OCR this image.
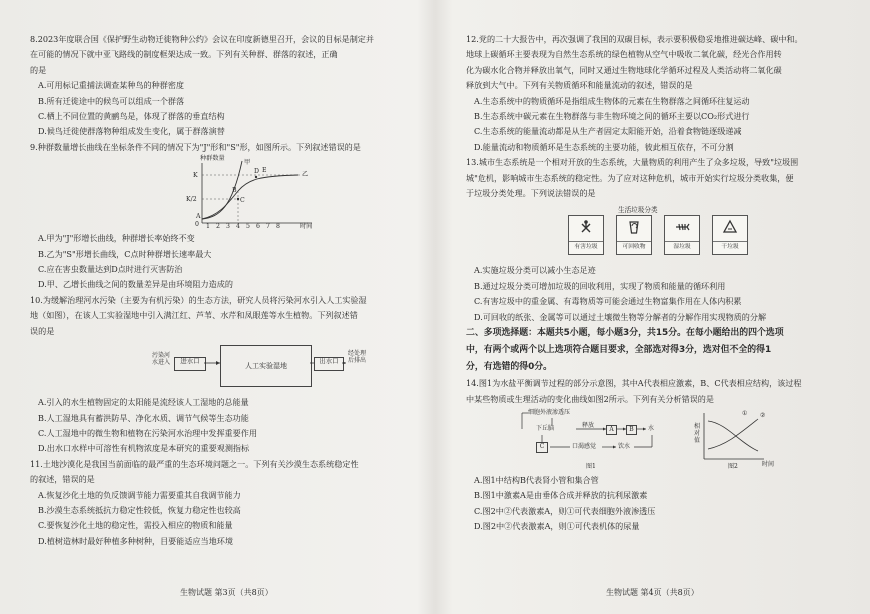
8.2023年度联合国《保护野生动物迁徙物种公约》会议在印度新德里召开，会议的目标是制定并

在可能的情况下就中亚飞路线的制度框架达成一致。下列有关种群、群落的叙述，正确

的是

A.可用标记重捕法调查某种鸟的种群密度

B.所有迁徙途中的候鸟可以组成一个群落

C.栖上不同位置的黄鹂鸟是，体现了群落的垂直结构

D.候鸟迁徙使群落物种组成发生变化，属于群落演替

9.种群数量增长曲线在坐标条件不同的情况下为"J"形和"S"形，如图所示。下列叙述错误的是

种群数量
时间
K
K/2
0
甲
乙
A
B
C
D E
1 2 3 4 5 6 7 8

A.甲为"J"形增长曲线，种群增长率始终不变

B.乙为"S"形增长曲线，C点时种群增长速率最大

C.应在害虫数量达到D点时进行灭害防治

D.甲、乙增长曲线之间的数量差异是由环境阻力造成的

10.为缓解治理河水污染（主要为有机污染）的生态方法，研究人员将污染河水引入人工实验湿

地（如图），在该人工实验湿地中引入满江红、芦苇、水芹和凤眼莲等水生植物。下列叙述错

误的是

污染河水进入	进水口
人工实验湿地
出水口
经处理后排出

A.引入的水生植物固定的太阳能是流经该人工湿地的总能量

B.人工湿地具有蓄洪防旱、净化水质、调节气候等生态功能

C.人工湿地中的微生物和植物在污染河水治理中发挥重要作用

D.出水口水样中可溶性有机物浓度是本研究的重要观测指标

11.土地沙漠化是我国当前面临的最严重的生态环境问题之一。下列有关沙漠生态系统稳定性

的叙述，错误的是

A.恢复沙化土地的负反馈调节能力需要重其自我调节能力

B.沙漠生态系统抵抗力稳定性较低，恢复力稳定性也较高

C.要恢复沙化土地的稳定性，需投入相应的物质和能量

D.植树造林时最好种植多种树种，目要能适应当地环境

生物试题 第3页（共8页）

12.党的二十大报告中，再次强调了我国的双碳目标，表示要积极稳妥地推进碳达峰、碳中和。

地球上碳循环主要表现为自然生态系统的绿色植物从空气中吸收二氧化碳，经光合作用转

化为碳水化合物并释放出氧气，同时又通过生物地球化学循环过程及人类活动将二氧化碳

释放到大气中。下列有关物质循环和能量流动的叙述，错误的是

A.生态系统中的物质循环是指组成生物体的元素在生物群落之间循环往复运动

B.生态系统中碳元素在生物群落与非生物环境之间的循环主要以CO₂形式进行

C.生态系统的能量流动都是从生产者固定太阳能开始，沿着食物链逐级递减

D.能量流动和物质循环是生态系统的主要功能，彼此相互依存，不可分割

13.城市生态系统是一个相对开放的生态系统，大量物质的利用产生了众多垃圾，导致"垃圾围

城"危机，影响城市生态系统的稳定性。为了应对这种危机，城市开始实行垃圾分类收集，便

于垃圾分类处理。下列说法错误的是

生活垃圾分类
有害垃圾	可回收物	湿垃圾	干垃圾

A.实施垃圾分类可以减小生态足迹

B.通过垃圾分类可增加垃圾的回收利用，实现了物质和能量的循环利用

C.有害垃圾中的重金属、有毒物质等可能会通过生物富集作用在人体内积累

D.可回收的纸张、金属等可以通过土壤微生物等分解者的分解作用实现物质的分解

二、多项选择题：本题共5小题，每小题3分，共15分。在每小题给出的四个选项

中，有两个或两个以上选项符合题目要求，全部选对得3分，选对但不全的得1

分，有选错的得0分。

14.图1为水盐平衡调节过程的部分示意图，其中A代表相应激素，B、C代表相应结构，该过程

中某些物质或生理活动的变化曲线如图2所示。下列有关分析错误的是

细胞外液渗透压
下丘脑	释放
A	B	水
C	口渴感觉	饮水
图1	图2
相对值
时间
① ②

A.图1中结构B代表肾小管和集合管

B.图1中激素A是由垂体合成并释放的抗利尿激素

C.图2中②代表激素A，则①可代表细胞外液渗透压

D.图2中②代表激素A，则①可代表机体的尿量

生物试题 第4页（共8页）
